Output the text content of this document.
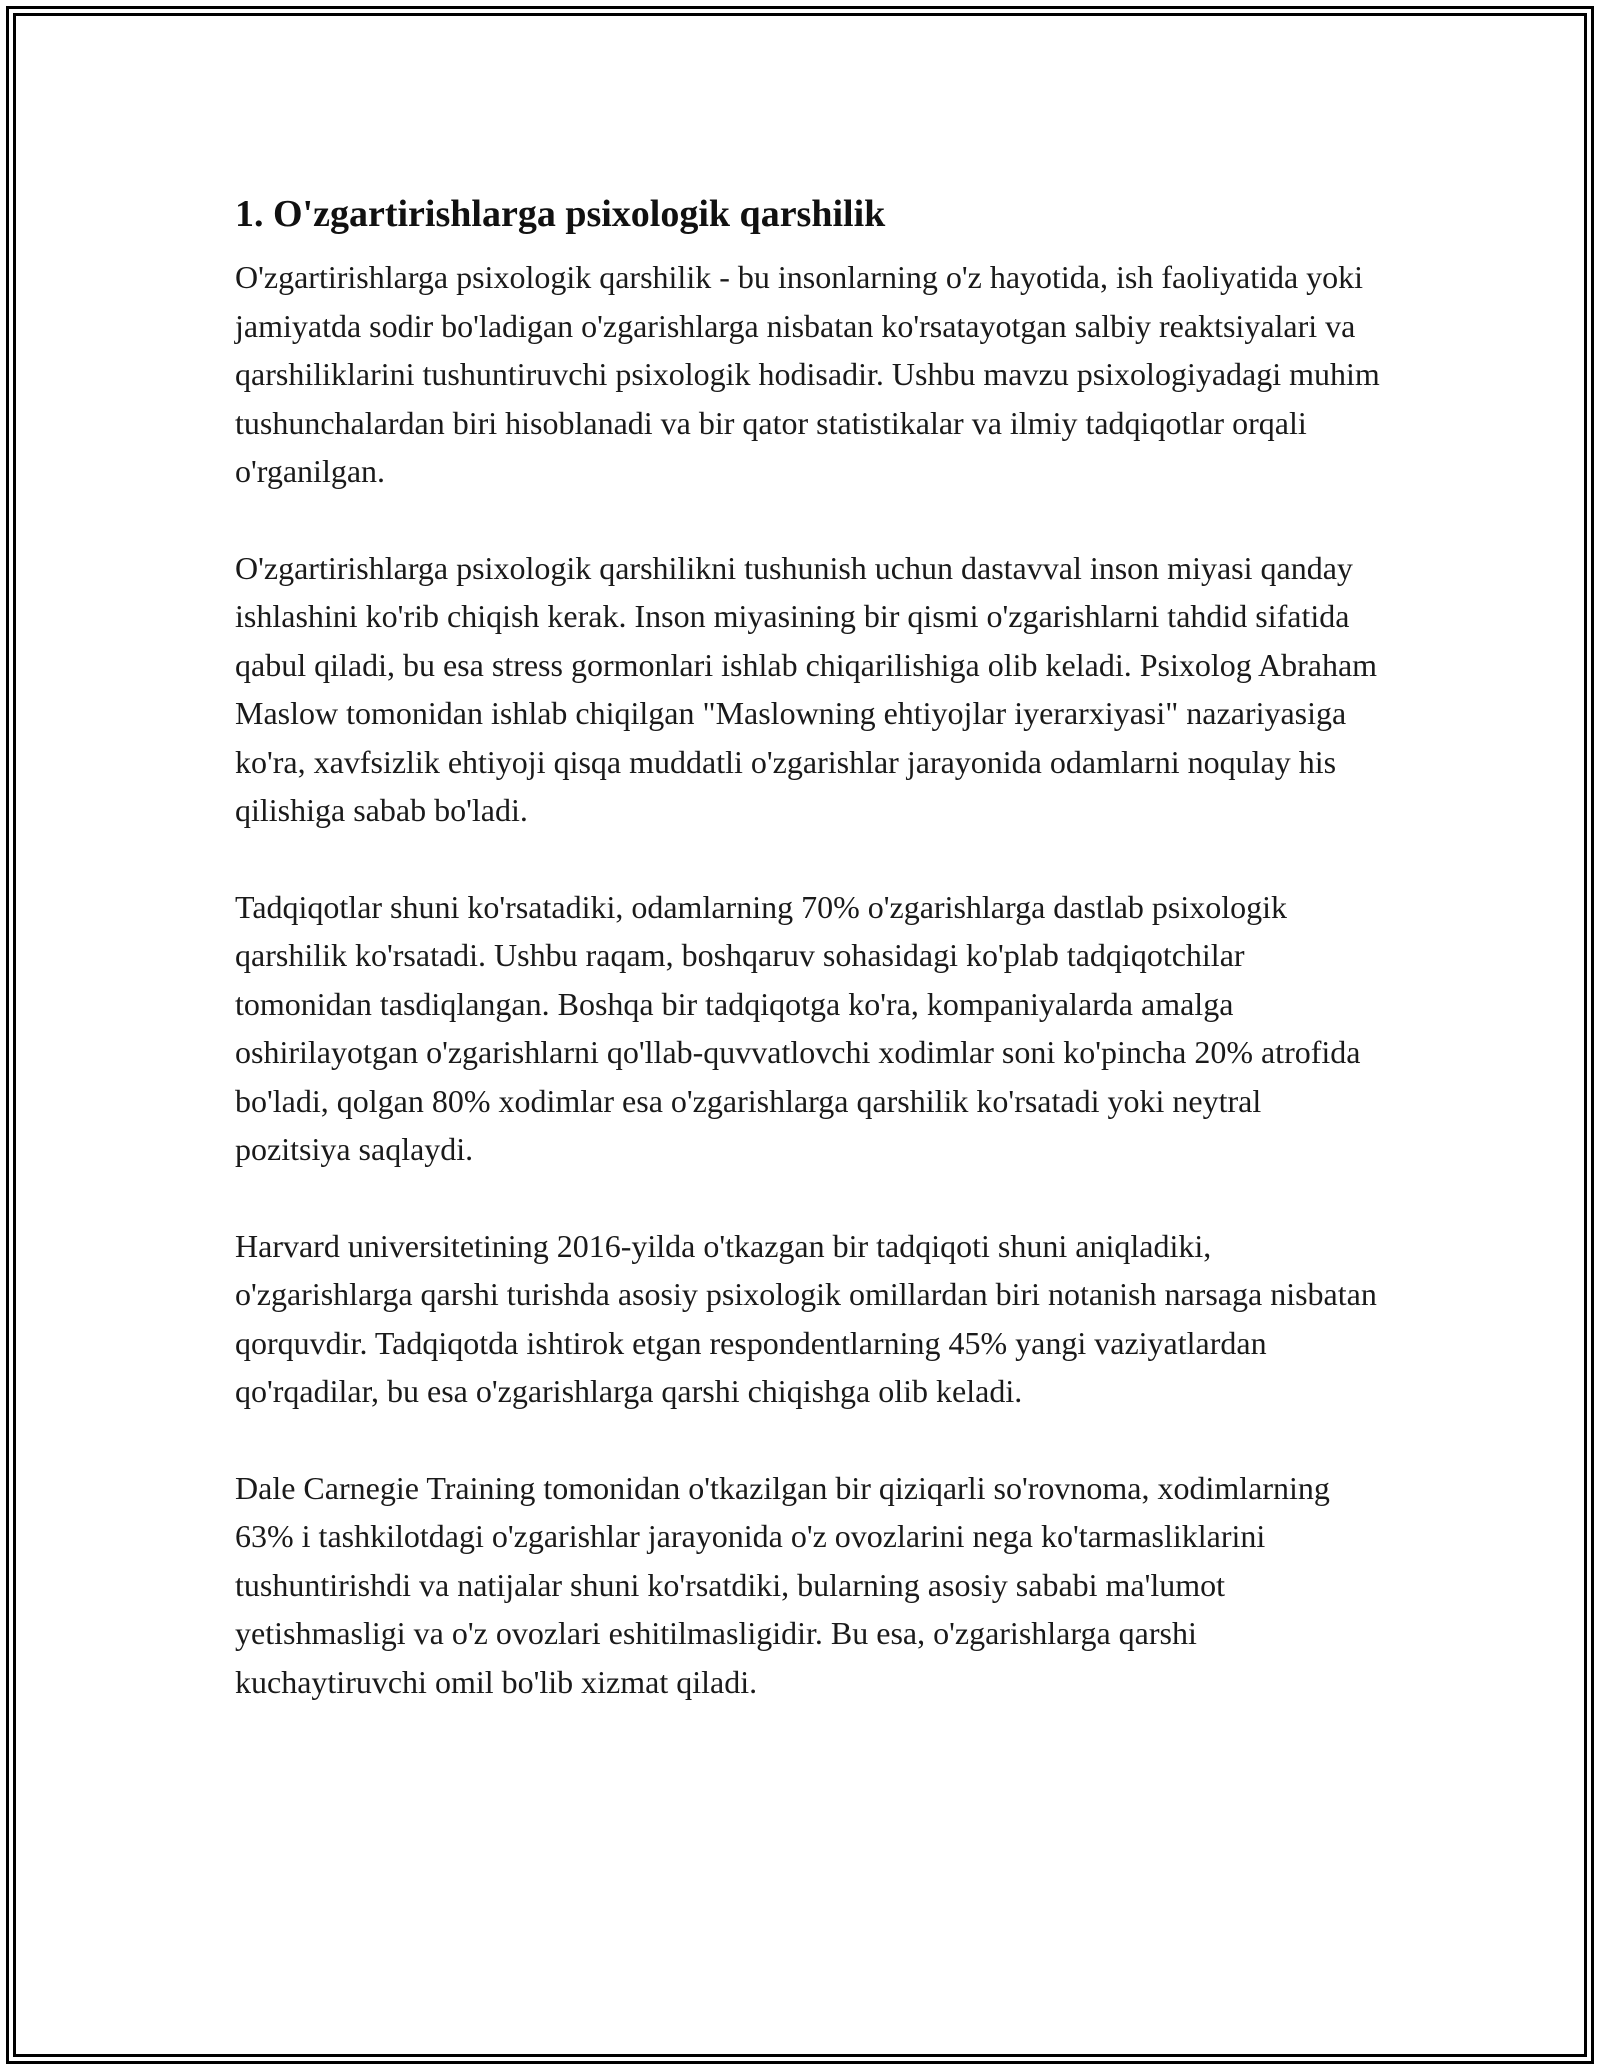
1. O'zgartirishlarga psixologik qarshilik

O'zgartirishlarga psixologik qarshilik - bu insonlarning o'z hayotida, ish faoliyatida yoki jamiyatda sodir bo'ladigan o'zgarishlarga nisbatan ko'rsatayotgan salbiy reaktsiyalari va qarshiliklarini tushuntiruvchi psixologik hodisadir. Ushbu mavzu psixologiyadagi muhim tushunchalardan biri hisoblanadi va bir qator statistikalar va ilmiy tadqiqotlar orqali o'rganilgan.

O'zgartirishlarga psixologik qarshilikni tushunish uchun dastavval inson miyasi qanday ishlashini ko'rib chiqish kerak. Inson miyasining bir qismi o'zgarishlarni tahdid sifatida qabul qiladi, bu esa stress gormonlari ishlab chiqarilishiga olib keladi. Psixolog Abraham Maslow tomonidan ishlab chiqilgan "Maslowning ehtiyojlar iyerarxiyasi" nazariyasiga ko'ra, xavfsizlik ehtiyoji qisqa muddatli o'zgarishlar jarayonida odamlarni noqulay his qilishiga sabab bo'ladi.

Tadqiqotlar shuni ko'rsatadiki, odamlarning 70% o'zgarishlarga dastlab psixologik qarshilik ko'rsatadi. Ushbu raqam, boshqaruv sohasidagi ko'plab tadqiqotchilar tomonidan tasdiqlangan. Boshqa bir tadqiqotga ko'ra, kompaniyalarda amalga oshirilayotgan o'zgarishlarni qo'llab-quvvatlovchi xodimlar soni ko'pincha 20% atrofida bo'ladi, qolgan 80% xodimlar esa o'zgarishlarga qarshilik ko'rsatadi yoki neytral pozitsiya saqlaydi.

Harvard universitetining 2016-yilda o'tkazgan bir tadqiqoti shuni aniqladiki, o'zgarishlarga qarshi turishda asosiy psixologik omillardan biri notanish narsaga nisbatan qorquvdir. Tadqiqotda ishtirok etgan respondentlarning 45% yangi vaziyatlardan qo'rqadilar, bu esa o'zgarishlarga qarshi chiqishga olib keladi.

Dale Carnegie Training tomonidan o'tkazilgan bir qiziqarli so'rovnoma, xodimlarning 63% i tashkilotdagi o'zgarishlar jarayonida o'z ovozlarini nega ko'tarmasliklarini tushuntirishdi va natijalar shuni ko'rsatdiki, bularning asosiy sababi ma'lumot yetishmasligi va o'z ovozlari eshitilmasligidir. Bu esa, o'zgarishlarga qarshi kuchaytiruvchi omil bo'lib xizmat qiladi.
